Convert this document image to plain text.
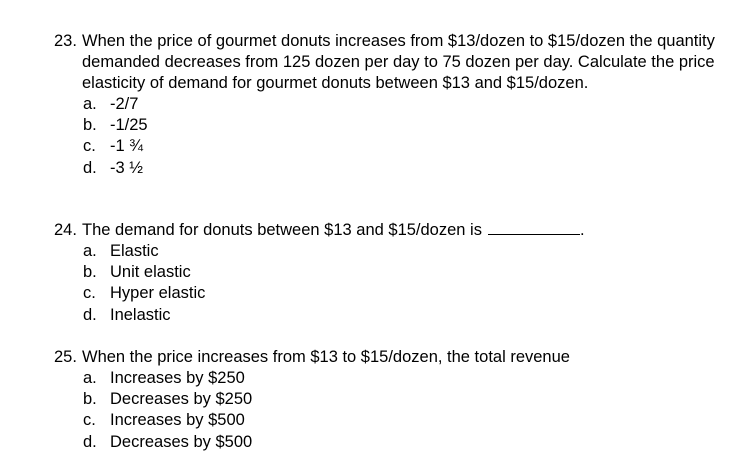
23. When the price of gourmet donuts increases from $13/dozen to $15/dozen the quantity demanded decreases from 125 dozen per day to 75 dozen per day. Calculate the price elasticity of demand for gourmet donuts between $13 and $15/dozen.
a. -2/7
b. -1/25
c. -1 ¾
d. -3 ½
24. The demand for donuts between $13 and $15/dozen is	.
a. Elastic
b. Unit elastic
c. Hyper elastic
d. Inelastic
25. When the price increases from $13 to $15/dozen, the total revenue
a. Increases by $250
b. Decreases by $250
c. Increases by $500
d. Decreases by $500
